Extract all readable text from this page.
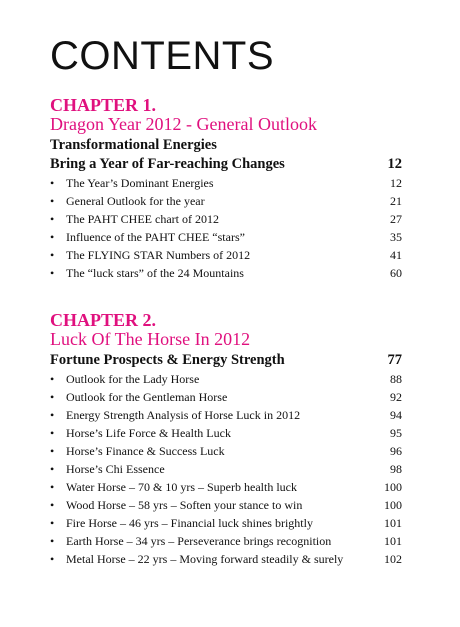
CONTENTS
CHAPTER 1.
Dragon Year 2012 - General Outlook
Transformational Energies
Bring a Year of Far-reaching Changes	12
• The Year’s Dominant Energies	12
• General Outlook for the year	21
• The PAHT CHEE chart of 2012	27
• Influence of the PAHT CHEE “stars”	35
• The FLYING STAR Numbers of 2012	41
• The “luck stars” of the 24 Mountains	60
CHAPTER 2.
Luck Of The Horse In 2012
Fortune Prospects & Energy Strength	77
• Outlook for the Lady Horse	88
• Outlook for the Gentleman Horse	92
• Energy Strength Analysis of Horse Luck in 2012	94
• Horse’s Life Force & Health Luck	95
• Horse’s Finance & Success Luck	96
• Horse’s Chi Essence	98
• Water Horse – 70 & 10 yrs – Superb health luck	100
• Wood Horse – 58 yrs – Soften your stance to win	100
• Fire Horse – 46 yrs – Financial luck shines brightly	101
• Earth Horse – 34 yrs – Perseverance brings recognition	101
• Metal Horse – 22 yrs – Moving forward steadily & surely	102
